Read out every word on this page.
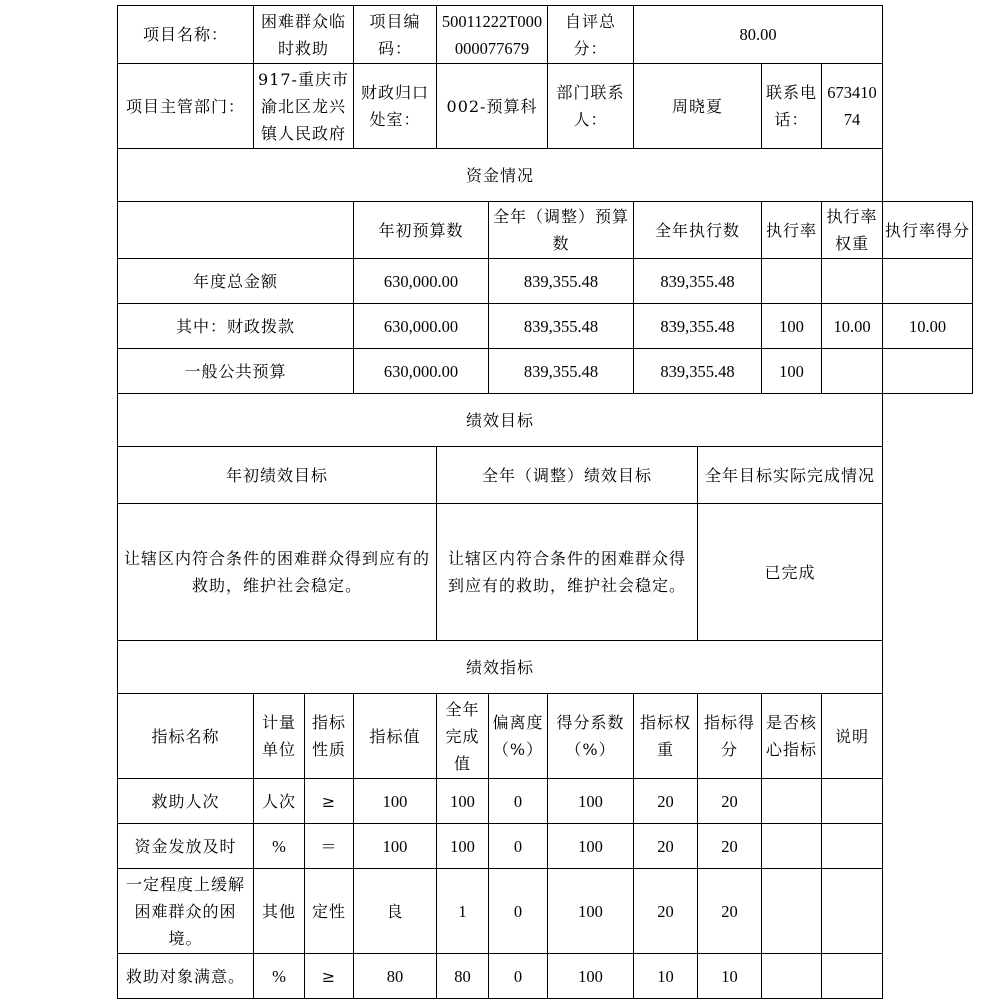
项目名称：	困难群众临时救助		项目编码：	50011222T000000077679		自评总分：	80.00				
项目主管部门：	917-重庆市渝北区龙兴镇人民政府		财政归口处室：	002-预算科		部门联系人：	周晓夏		联系电话：	67341074	
资金情况											
			年初预算数		全年（调整）预算数		全年执行数		执行率	执行率权重	执行率得分
年度总金额			630,000.00		839,355.48		839,355.48				
其中：财政拨款			630,000.00		839,355.48		839,355.48		100	10.00	10.00
一般公共预算			630,000.00		839,355.48		839,355.48		100		
绩效目标											
年初绩效目标				全年（调整）绩效目标				全年目标实际完成情况			
让辖区内符合条件的困难群众得到应有的救助，维护社会稳定。				让辖区内符合条件的困难群众得到应有的救助，维护社会稳定。				已完成			
绩效指标											
指标名称	计量单位	指标性质	指标值	全年完成值	偏离度（%）	得分系数（%）	指标权重	指标得分	是否核心指标	说明	
救助人次	人次	≥	100	100	0	100	20	20			
资金发放及时	%	＝	100	100	0	100	20	20			
一定程度上缓解困难群众的困境。	其他	定性	良	1	0	100	20	20			
救助对象满意。	%	≥	80	80	0	100	10	10			
